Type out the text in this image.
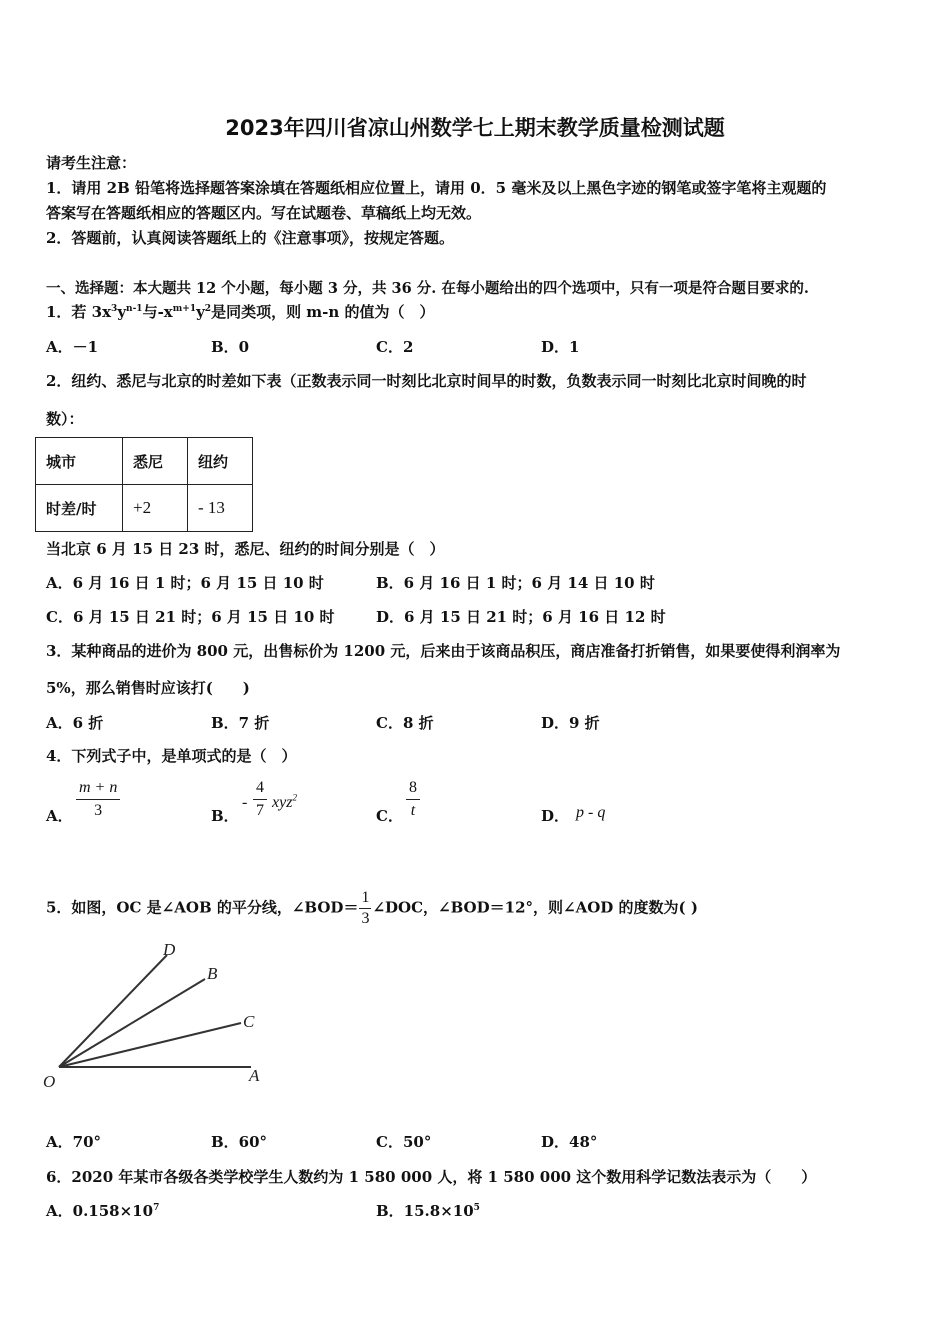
2023年四川省凉山州数学七上期末教学质量检测试题
请考生注意：
1．请用 2B 铅笔将选择题答案涂填在答题纸相应位置上，请用 0．5 毫米及以上黑色字迹的钢笔或签字笔将主观题的
答案写在答题纸相应的答题区内。写在试题卷、草稿纸上均无效。
2．答题前，认真阅读答题纸上的《注意事项》，按规定答题。
一、选择题：本大题共 12 个小题，每小题 3 分，共 36 分. 在每小题给出的四个选项中，只有一项是符合题目要求的.
1．若 $3x^3y^{n-1}$与$-x^{m+1}y^2$是同类项，则 m-n 的值为（　）
A．－1	B．0	C．2	D．1
2．纽约、悉尼与北京的时差如下表（正数表示同一时刻比北京时间早的时数，负数表示同一时刻比北京时间晚的时
数）：
城市	悉尼	纽约
时差/时	+2	- 13
当北京 6 月 15 日 23 时，悉尼、纽约的时间分别是（　）
A．6 月 16 日 1 时；6 月 15 日 10 时	B．6 月 16 日 1 时；6 月 14 日 10 时
C．6 月 15 日 21 时；6 月 15 日 10 时	D．6 月 15 日 21 时；6 月 16 日 12 时
3．某种商品的进价为 800 元，出售标价为 1200 元，后来由于该商品积压，商店准备打折销售，如果要使得利润率为
5%，那么销售时应该打(　　)
A．6 折	B．7 折	C．8 折	D．9 折
4．下列式子中，是单项式的是（　）
A． $\frac{m + n}{3}$	B．
- $\frac{4}{7} xyz^2$
C． $\frac{8}{t}$	D． p - q
5．如图，OC 是∠AOB 的平分线，∠BOD＝ $\frac{1}{3}$ ∠DOC，∠BOD＝12°，则∠AOD 的度数为( )
D
B
C
O	A
A．70°	B．60°	C．50°	D．48°
6．2020 年某市各级各类学校学生人数约为 1 580 000 人，将 1 580 000 这个数用科学记数法表示为（　　）
A．$0.158\times 10^7$	B．$15.8\times 10^5$
